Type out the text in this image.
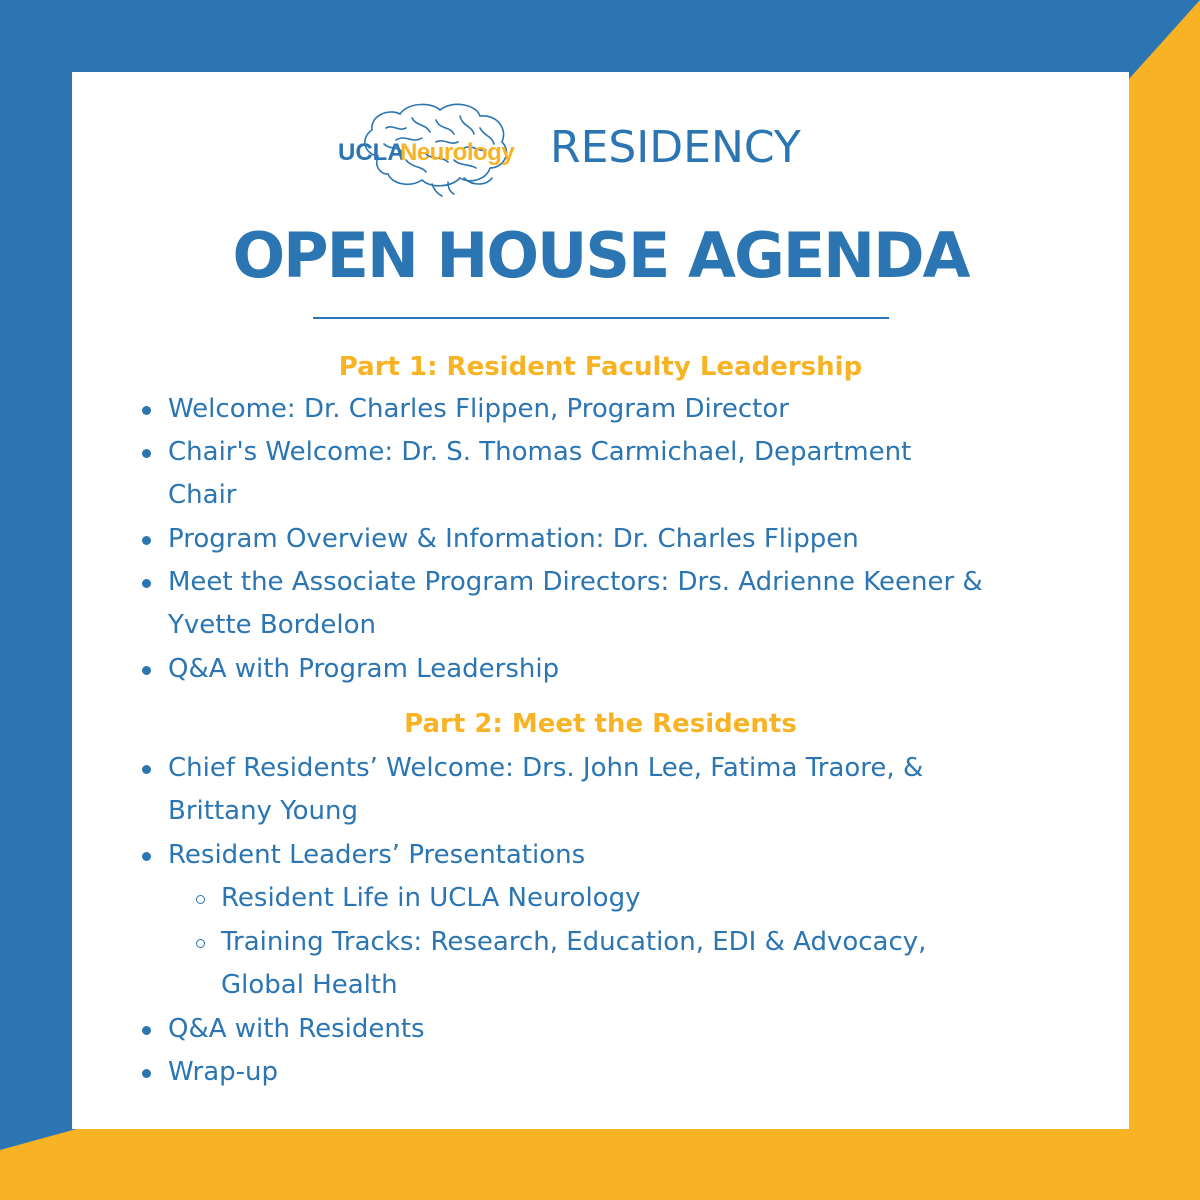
UCLA
Neurology RESIDENCY
OPEN HOUSE AGENDA
Part 1: Resident Faculty Leadership
Welcome: Dr. Charles Flippen, Program Director
Chair's Welcome: Dr. S. Thomas Carmichael, Department
Chair
Program Overview & Information: Dr. Charles Flippen
Meet the Associate Program Directors: Drs. Adrienne Keener &
Yvette Bordelon
Q&A with Program Leadership
Part 2: Meet the Residents
Chief Residents’ Welcome: Drs. John Lee, Fatima Traore, &
Brittany Young
Resident Leaders’ Presentations
Resident Life in UCLA Neurology
Training Tracks: Research, Education, EDI & Advocacy,
Global Health
Q&A with Residents
Wrap-up
